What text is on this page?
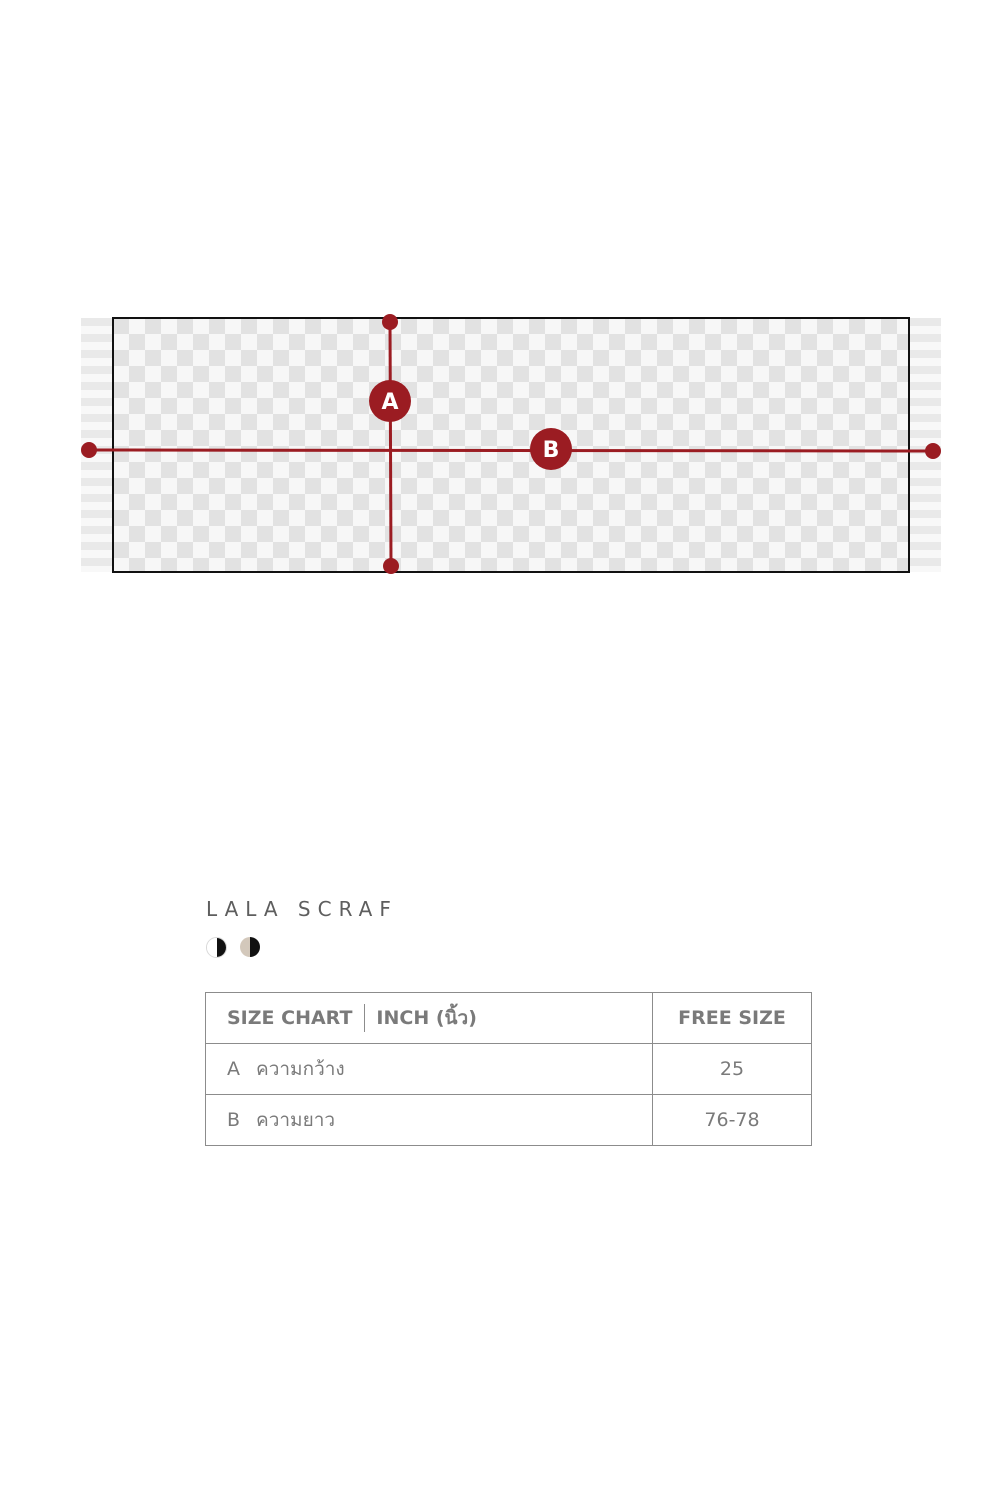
A
B
LALA SCRAF
SIZE CHART INCH (นิ้ว)	FREE SIZE
A ความกว้าง	25
B ความยาว	76-78
